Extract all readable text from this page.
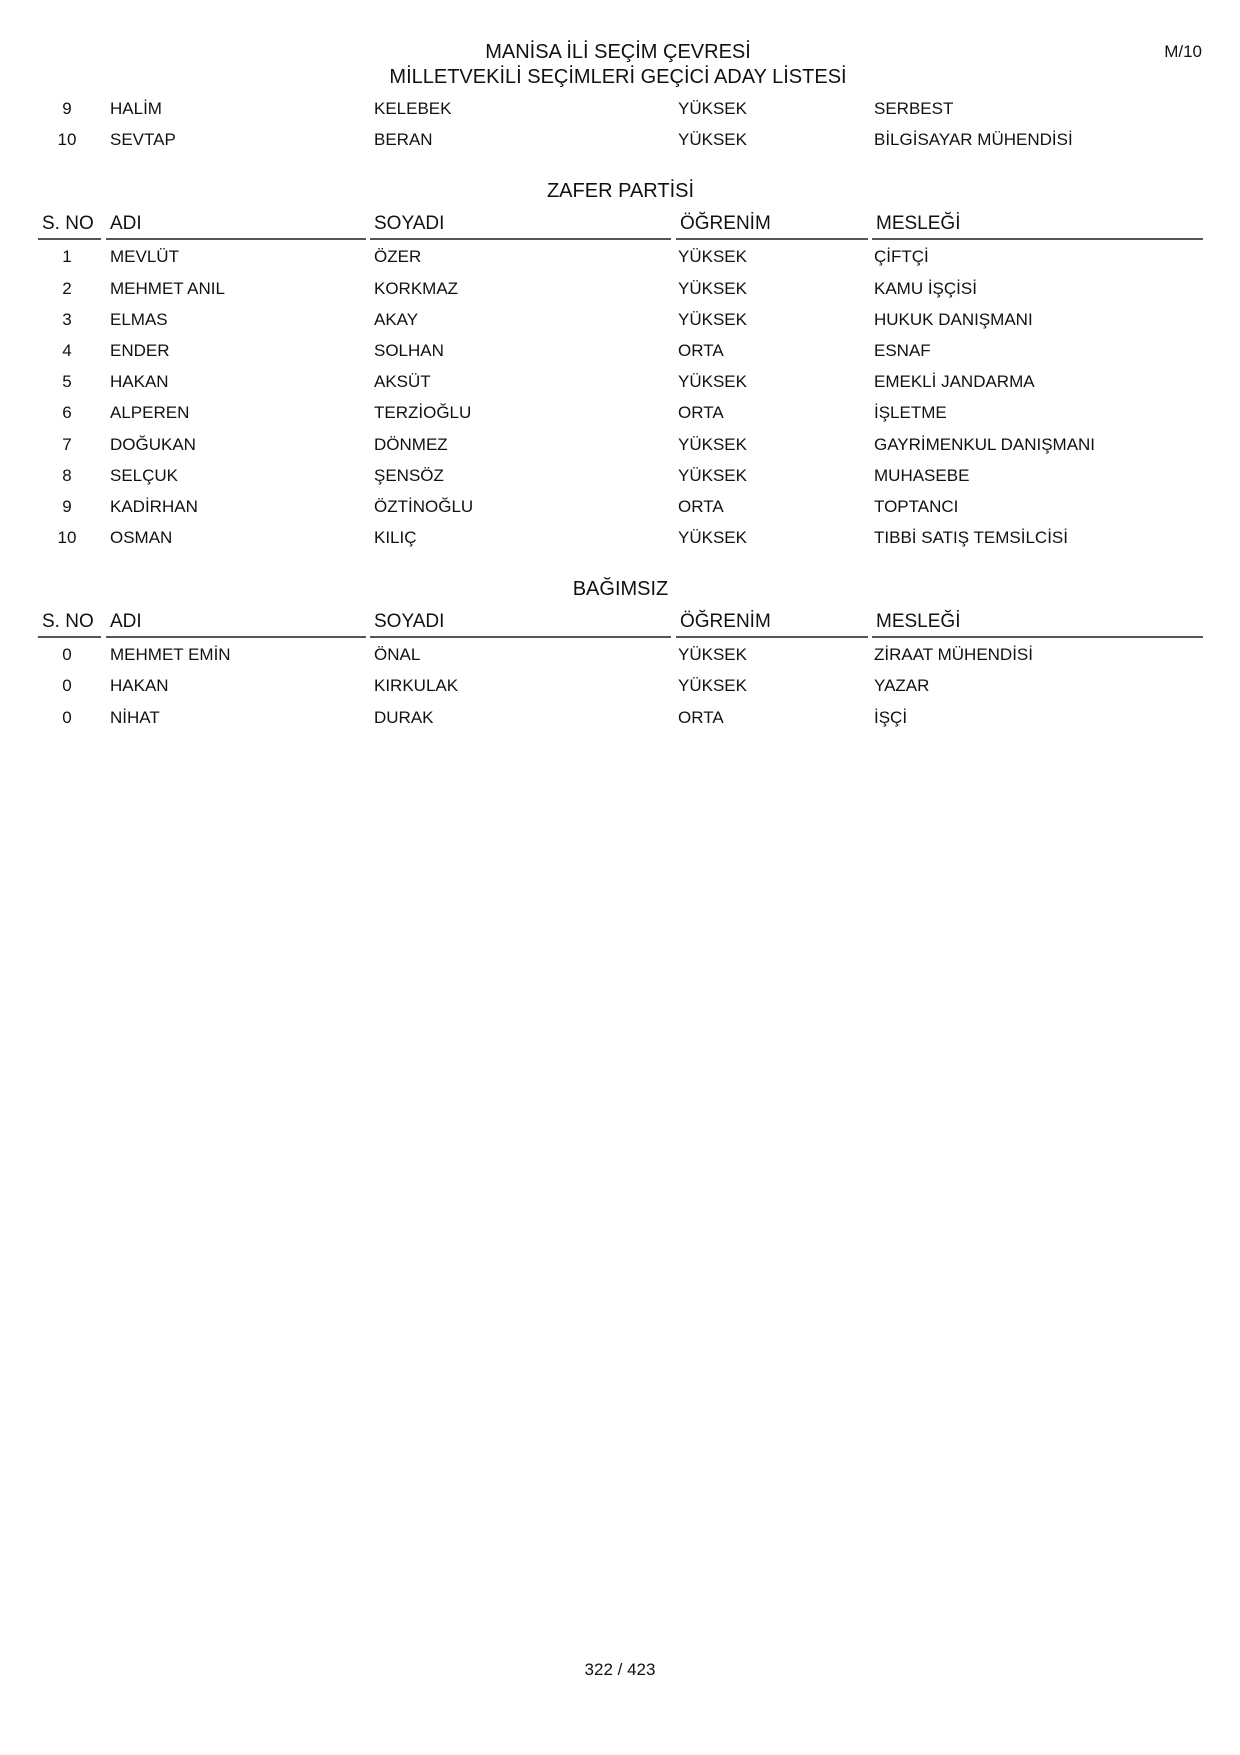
MANİSA İLİ SEÇİM ÇEVRESİ
MİLLETVEKİLİ SEÇİMLERİ GEÇİCİ ADAY LİSTESİ
M/10
9	HALİM	KELEBEK	YÜKSEK	SERBEST
10	SEVTAP	BERAN	YÜKSEK	BİLGİSAYAR MÜHENDİSİ
ZAFER PARTİSİ
S. NO ADI	SOYADI	ÖĞRENİM	MESLEĞİ
1	MEVLÜT	ÖZER	YÜKSEK	ÇİFTÇİ
2	MEHMET ANIL	KORKMAZ	YÜKSEK	KAMU İŞÇİSİ
3	ELMAS	AKAY	YÜKSEK	HUKUK DANIŞMANI
4	ENDER	SOLHAN	ORTA	ESNAF
5	HAKAN	AKSÜT	YÜKSEK	EMEKLİ JANDARMA
6	ALPEREN	TERZİOĞLU	ORTA	İŞLETME
7	DOĞUKAN	DÖNMEZ	YÜKSEK	GAYRİMENKUL DANIŞMANI
8	SELÇUK	ŞENSÖZ	YÜKSEK	MUHASEBE
9	KADİRHAN	ÖZTİNOĞLU	ORTA	TOPTANCI
10	OSMAN	KILIÇ	YÜKSEK	TIBBİ SATIŞ TEMSİLCİSİ
BAĞIMSIZ
S. NO ADI	SOYADI	ÖĞRENİM	MESLEĞİ
0	MEHMET EMİN	ÖNAL	YÜKSEK	ZİRAAT MÜHENDİSİ
0	HAKAN	KIRKULAK	YÜKSEK	YAZAR
0	NİHAT	DURAK	ORTA	İŞÇİ
322 / 423
